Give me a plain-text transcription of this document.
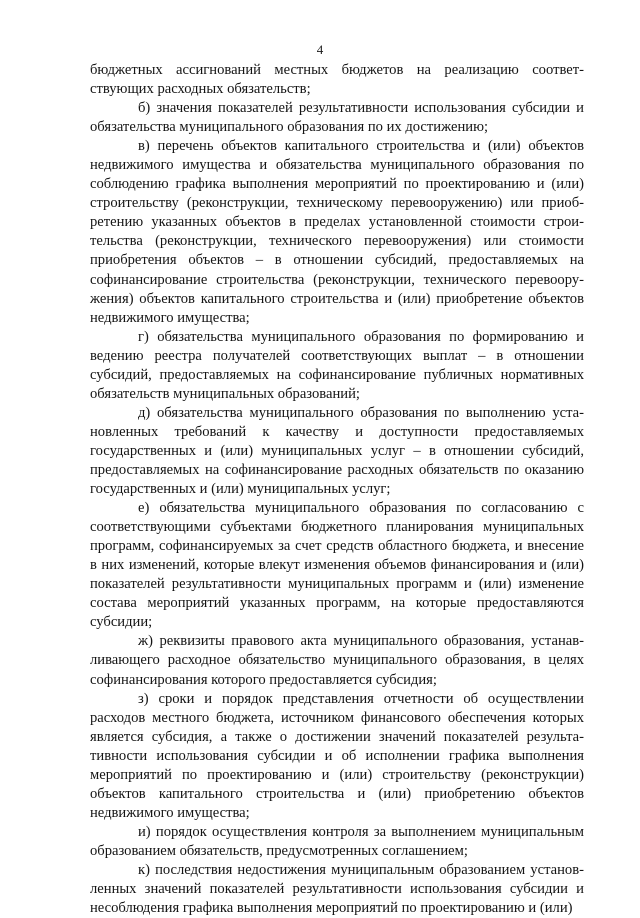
4

бюджетных ассигнований местных бюджетов на реализацию соответствующих расходных обязательств;

б) значения показателей результативности использования субсидии и обязательства муниципального образования по их достижению;

в) перечень объектов капитального строительства и (или) объектов недвижимого имущества и обязательства муниципального образования по соблюдению графика выполнения мероприятий по проектированию и (или) строительству (реконструкции, техническому перевооружению) или приобретению указанных объектов в пределах установленной стоимости строительства (реконструкции, технического перевооружения) или стоимости приобретения объектов – в отношении субсидий, предоставляемых на софинансирование строительства (реконструкции, технического перевооружения) объектов капитального строительства и (или) приобретение объектов недвижимого имущества;

г) обязательства муниципального образования по формированию и ведению реестра получателей соответствующих выплат – в отношении субсидий, предоставляемых на софинансирование публичных нормативных обязательств муниципальных образований;

д) обязательства муниципального образования по выполнению установленных требований к качеству и доступности предоставляемых государственных и (или) муниципальных услуг – в отношении субсидий, предоставляемых на софинансирование расходных обязательств по оказанию государственных и (или) муниципальных услуг;

е) обязательства муниципального образования по согласованию с соответствующими субъектами бюджетного планирования муниципальных программ, софинансируемых за счет средств областного бюджета, и внесение в них изменений, которые влекут изменения объемов финансирования и (или) показателей результативности муниципальных программ и (или) изменение состава мероприятий указанных программ, на которые предоставляются субсидии;

ж) реквизиты правового акта муниципального образования, устанавливающего расходное обязательство муниципального образования, в целях софинансирования которого предоставляется субсидия;

з) сроки и порядок представления отчетности об осуществлении расходов местного бюджета, источником финансового обеспечения которых является субсидия, а также о достижении значений показателей результативности использования субсидии и об исполнении графика выполнения мероприятий по проектированию и (или) строительству (реконструкции) объектов капитального строительства и (или) приобретению объектов недвижимого имущества;

и) порядок осуществления контроля за выполнением муниципальным образованием обязательств, предусмотренных соглашением;

к) последствия недостижения муниципальным образованием установленных значений показателей результативности использования субсидии и несоблюдения графика выполнения мероприятий по проектированию и (или)
